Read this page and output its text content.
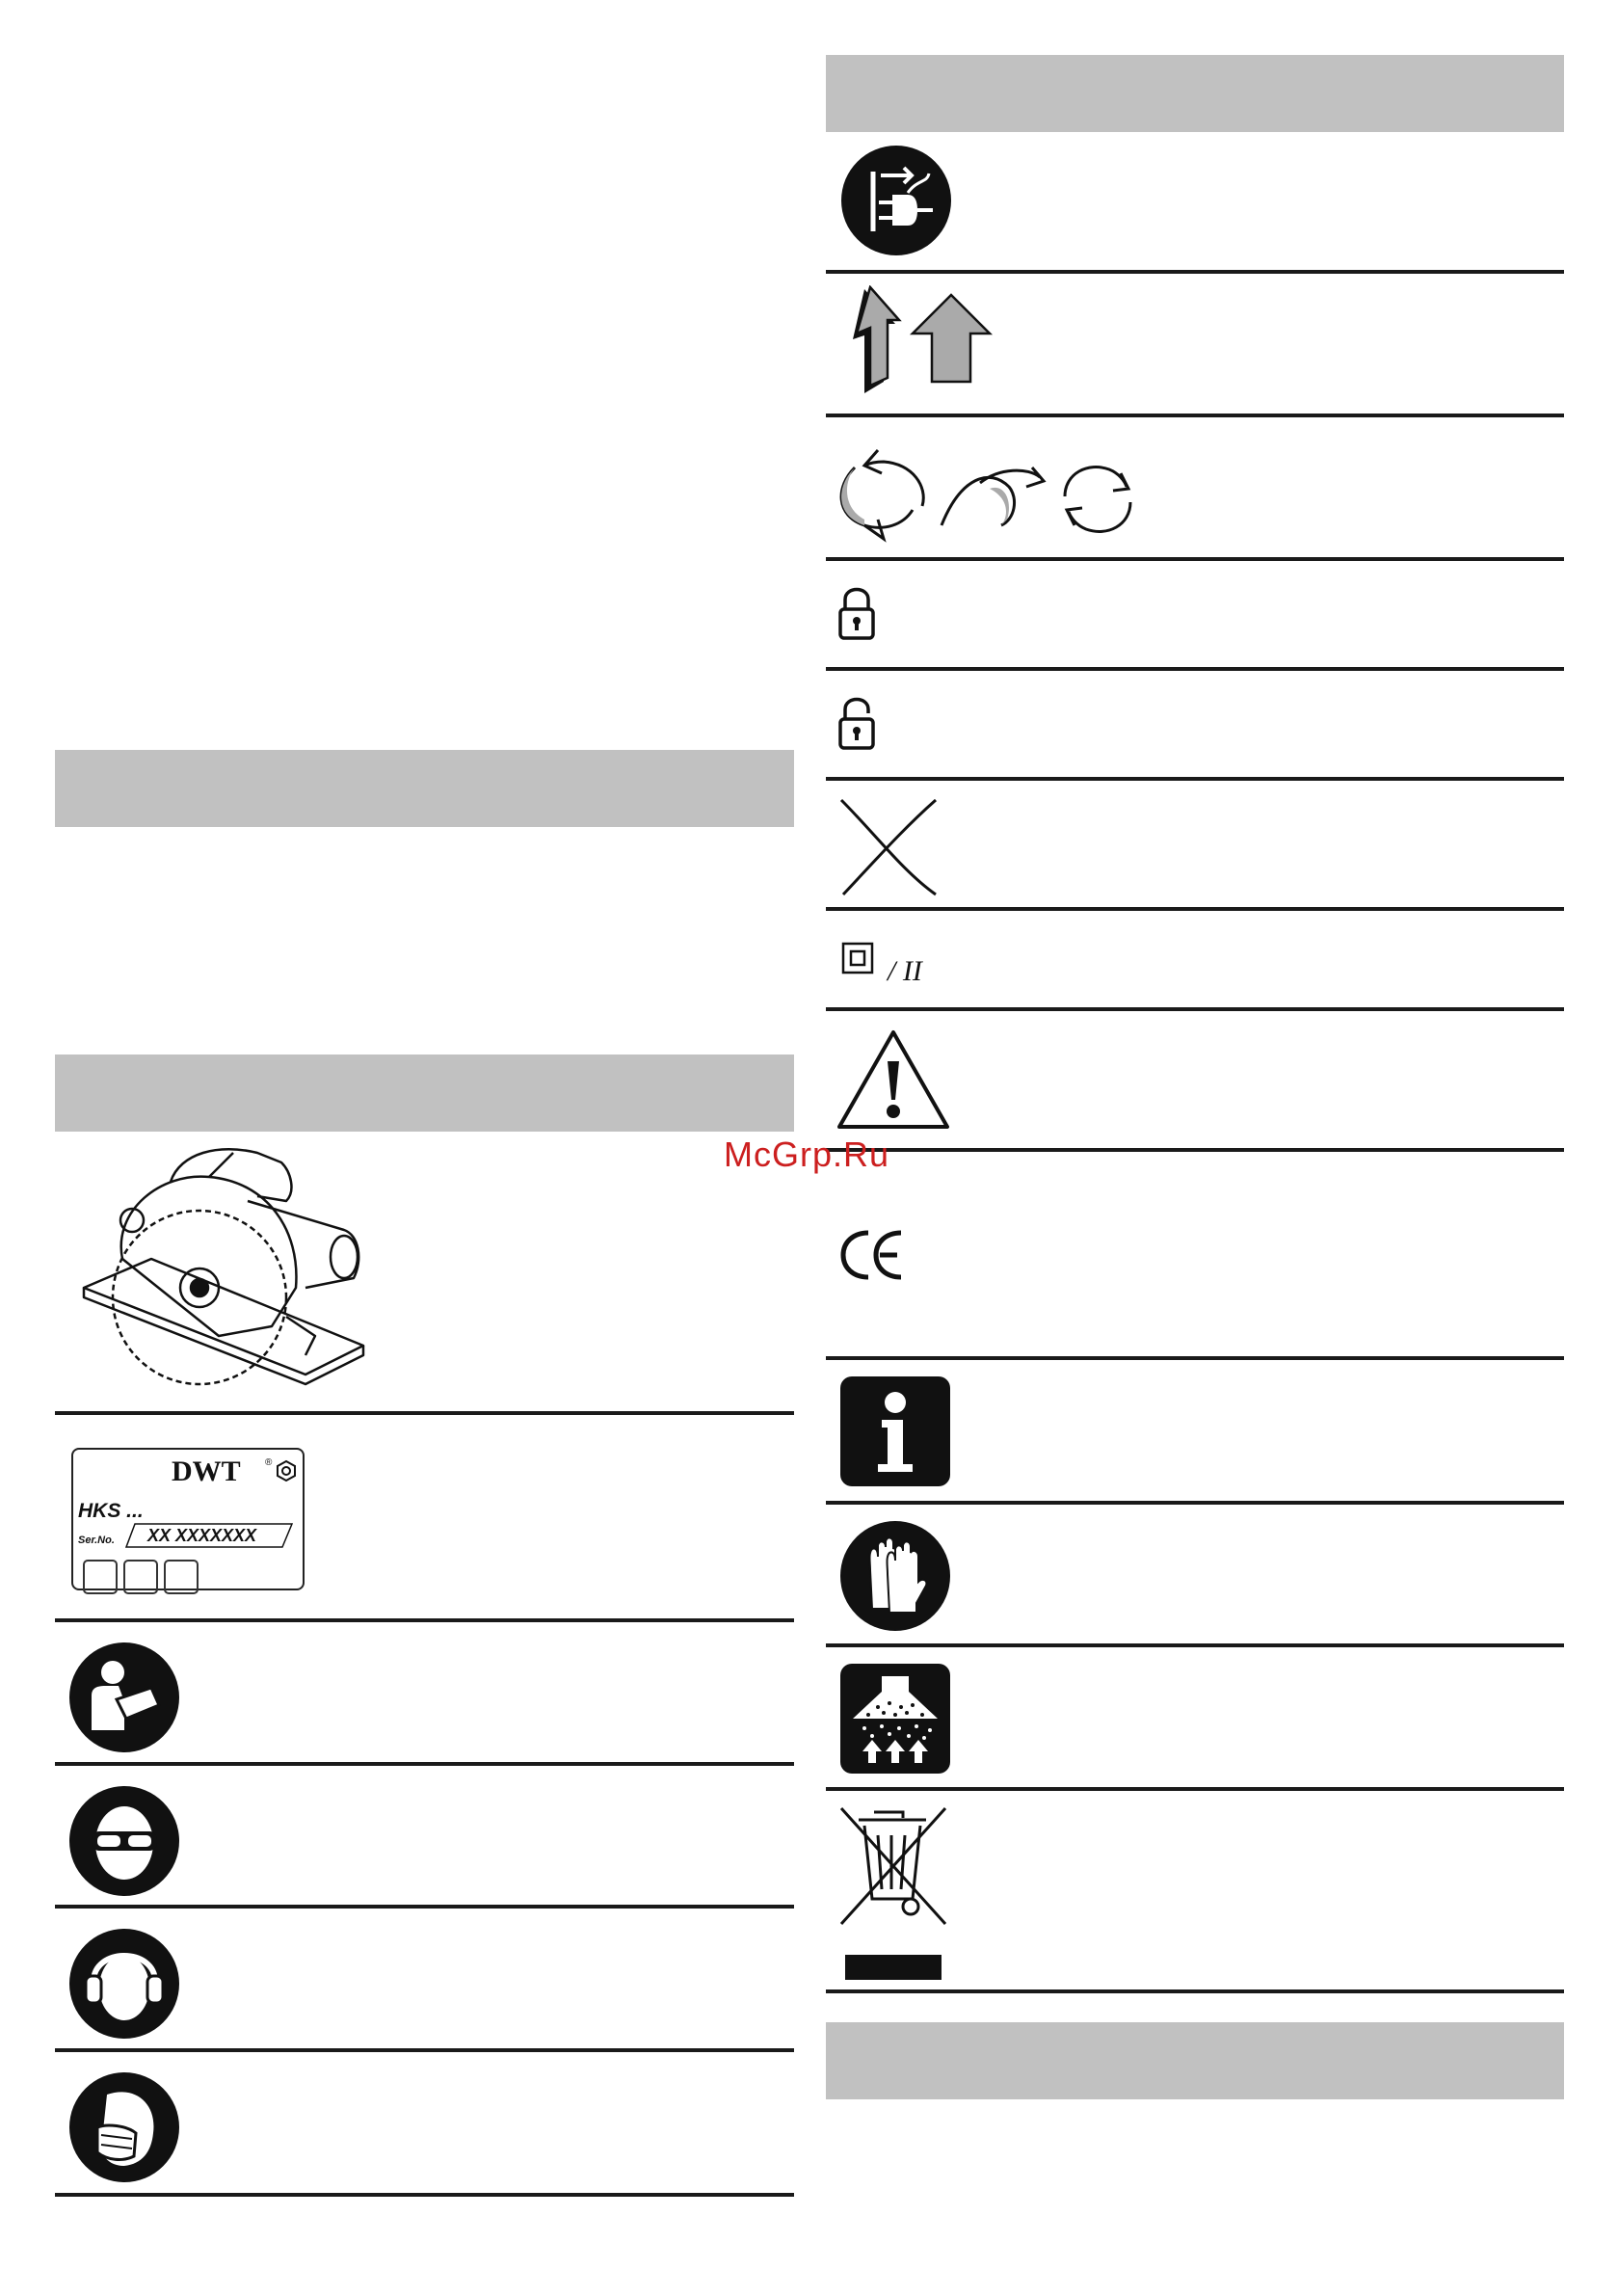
DWT	®
HKS ...
Ser.No. XX XXXXXXX
/ II
McGrp.Ru
